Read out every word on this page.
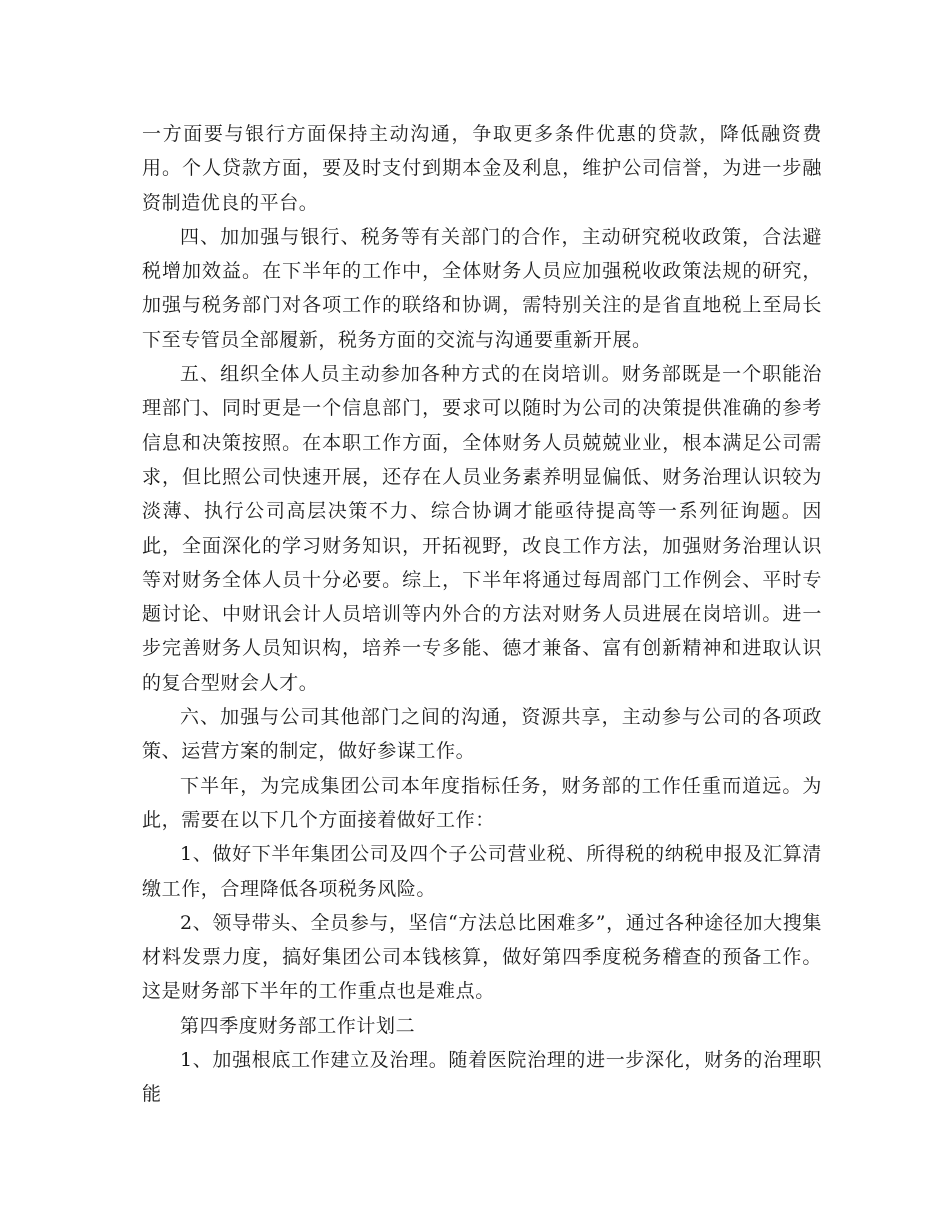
一方面要与银行方面保持主动沟通，争取更多条件优惠的贷款，降低融资费用。个人贷款方面，要及时支付到期本金及利息，维护公司信誉，为进一步融资制造优良的平台。

四、加加强与银行、税务等有关部门的合作，主动研究税收政策，合法避税增加效益。在下半年的工作中，全体财务人员应加强税收政策法规的研究，加强与税务部门对各项工作的联络和协调，需特别关注的是省直地税上至局长下至专管员全部履新，税务方面的交流与沟通要重新开展。

五、组织全体人员主动参加各种方式的在岗培训。财务部既是一个职能治理部门、同时更是一个信息部门，要求可以随时为公司的决策提供准确的参考信息和决策按照。在本职工作方面，全体财务人员兢兢业业，根本满足公司需求，但比照公司快速开展，还存在人员业务素养明显偏低、财务治理认识较为淡薄、执行公司高层决策不力、综合协调才能亟待提高等一系列征询题。因此，全面深化的学习财务知识，开拓视野，改良工作方法，加强财务治理认识等对财务全体人员十分必要。综上，下半年将通过每周部门工作例会、平时专题讨论、中财讯会计人员培训等内外合的方法对财务人员进展在岗培训。进一步完善财务人员知识构，培养一专多能、德才兼备、富有创新精神和进取认识的复合型财会人才。

六、加强与公司其他部门之间的沟通，资源共享，主动参与公司的各项政策、运营方案的制定，做好参谋工作。

下半年，为完成集团公司本年度指标任务，财务部的工作任重而道远。为此，需要在以下几个方面接着做好工作：

1、做好下半年集团公司及四个子公司营业税、所得税的纳税申报及汇算清缴工作，合理降低各项税务风险。

2、领导带头、全员参与，坚信“方法总比困难多”，通过各种途径加大搜集材料发票力度，搞好集团公司本钱核算，做好第四季度税务稽查的预备工作。这是财务部下半年的工作重点也是难点。

第四季度财务部工作计划二

1、加强根底工作建立及治理。随着医院治理的进一步深化，财务的治理职能
